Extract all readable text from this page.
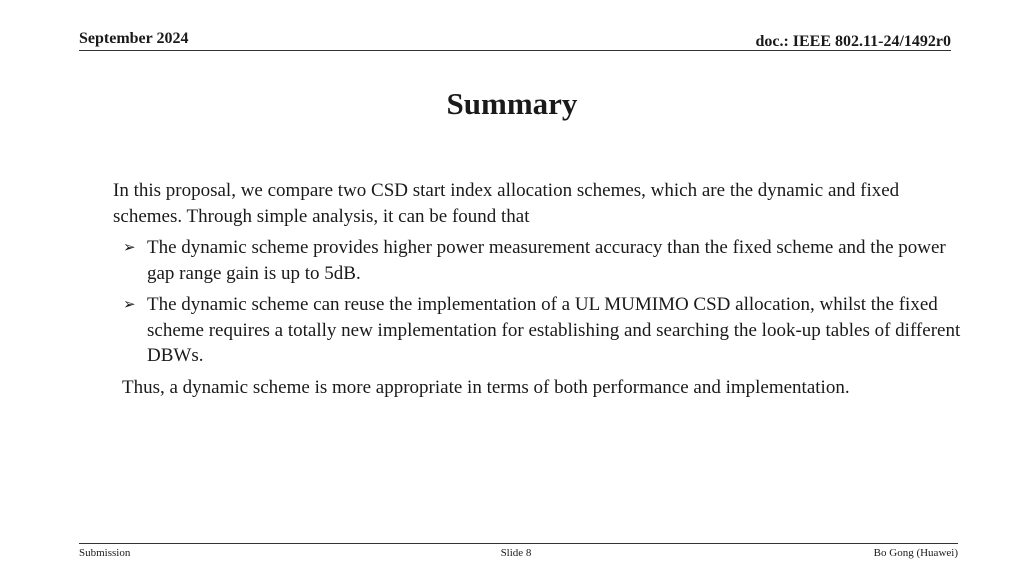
September 2024	doc.: IEEE 802.11-24/1492r0
Summary

In this proposal, we compare two CSD start index allocation schemes, which are the dynamic and fixed schemes. Through simple analysis, it can be found that

➢ The dynamic scheme provides higher power measurement accuracy than the fixed scheme and the power gap range gain is up to 5dB.
➢ The dynamic scheme can reuse the implementation of a UL MUMIMO CSD allocation, whilst the fixed scheme requires a totally new implementation for establishing and searching the look-up tables of different DBWs.

Thus, a dynamic scheme is more appropriate in terms of both performance and implementation.

Submission	Slide 8	Bo Gong (Huawei)
